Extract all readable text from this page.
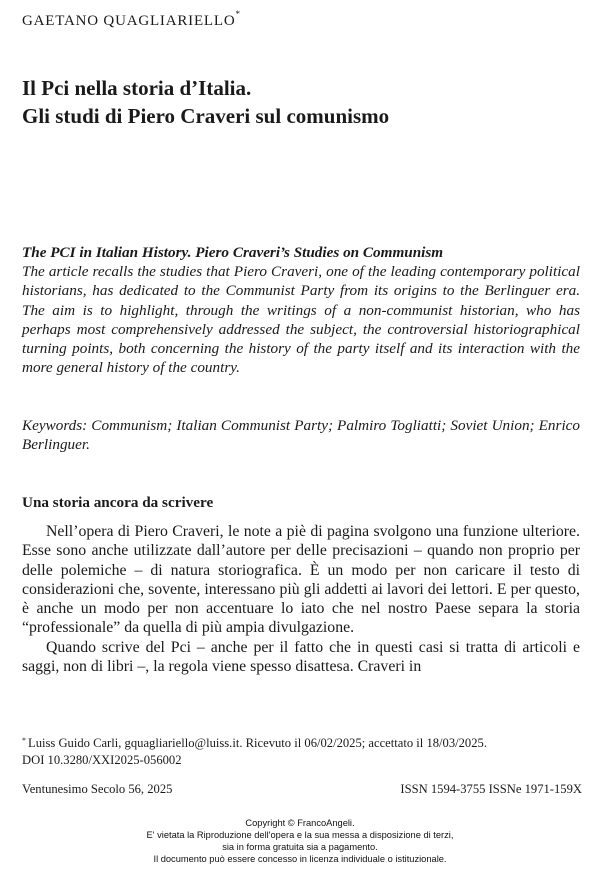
GAETANO QUAGLIARIELLO*
Il Pci nella storia d’Italia.
Gli studi di Piero Craveri sul comunismo
The PCI in Italian History. Piero Craveri’s Studies on Communism
The article recalls the studies that Piero Craveri, one of the leading contemporary political historians, has dedicated to the Communist Party from its origins to the Berlinguer era. The aim is to highlight, through the writings of a non-communist historian, who has perhaps most comprehensively addressed the subject, the controversial historiographical turning points, both concerning the history of the party itself and its interaction with the more general history of the country.
Keywords: Communism; Italian Communist Party; Palmiro Togliatti; Soviet Union; Enrico Berlinguer.
Una storia ancora da scrivere

Nell’opera di Piero Craveri, le note a piè di pagina svolgono una funzione ulteriore. Esse sono anche utilizzate dall’autore per delle precisazioni – quando non proprio per delle polemiche – di natura storiografica. È un modo per non caricare il testo di considerazioni che, sovente, interessano più gli addetti ai lavori dei lettori. E per questo, è anche un modo per non accentuare lo iato che nel nostro Paese separa la storia “professionale” da quella di più ampia divulgazione.

Quando scrive del Pci – anche per il fatto che in questi casi si tratta di articoli e saggi, non di libri –, la regola viene spesso disattesa. Craveri in

* Luiss Guido Carli, gquagliariello@luiss.it. Ricevuto il 06/02/2025; accettato il 18/03/2025.
DOI 10.3280/XXI2025-056002
Ventunesimo Secolo 56, 2025	ISSN 1594-3755 ISSNe 1971-159X
Copyright © FrancoAngeli.
E' vietata la Riproduzione dell'opera e la sua messa a disposizione di terzi,
sia in forma gratuita sia a pagamento.
Il documento può essere concesso in licenza individuale o istituzionale.
